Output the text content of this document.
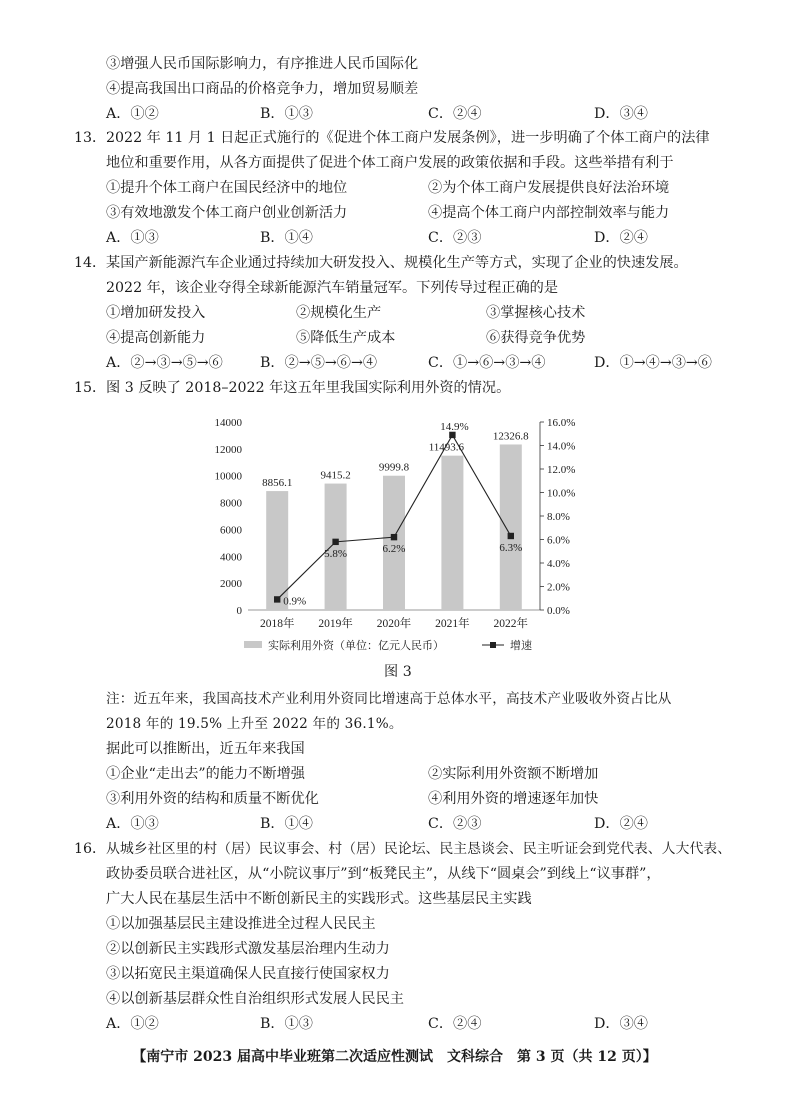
③增强人民币国际影响力，有序推进人民币国际化
④提高我国出口商品的价格竞争力，增加贸易顺差
A．①②	B．①③	C．②④	D．③④
13． 2022 年 11 月 1 日起正式施行的《促进个体工商户发展条例》，进一步明确了个体工商户的法律
地位和重要作用，从各方面提供了促进个体工商户发展的政策依据和手段。这些举措有利于
①提升个体工商户在国民经济中的地位	②为个体工商户发展提供良好法治环境
③有效地激发个体工商户创业创新活力	④提高个体工商户内部控制效率与能力
A．①③	B．①④	C．②③	D．②④
14． 某国产新能源汽车企业通过持续加大研发投入、规模化生产等方式，实现了企业的快速发展。
2022 年，该企业夺得全球新能源汽车销量冠军。下列传导过程正确的是
①增加研发投入	②规模化生产	③掌握核心技术
④提高创新能力	⑤降低生产成本	⑥获得竞争优势
A．②→③→⑤→⑥	B．②→⑤→⑥→④	C．①→⑥→③→④	D．①→④→③→⑥
15． 图 3 反映了 2018–2022 年这五年里我国实际利用外资的情况。
0
2000
4000
6000
8000
10000
12000
14000
0.0%
2.0%
4.0%
6.0%
8.0%
10.0%
12.0%
14.0%
16.0%
8856.1
9415.2
9999.8
11493.6
12326.8
0.9%
5.8%	6.2%
14.9%
6.3%
2018年 2019年 2020年 2021年 2022年
实际利用外资（单位：亿元人民币）	增速
图 3
注：近五年来，我国高技术产业利用外资同比增速高于总体水平，高技术产业吸收外资占比从
2018 年的 19.5% 上升至 2022 年的 36.1%。
据此可以推断出，近五年来我国
①企业“走出去”的能力不断增强	②实际利用外资额不断增加
③利用外资的结构和质量不断优化	④利用外资的增速逐年加快
A．①③	B．①④	C．②③	D．②④
16． 从城乡社区里的村（居）民议事会、村（居）民论坛、民主恳谈会、民主听证会到党代表、人大代表、
政协委员联合进社区，从“小院议事厅”到“板凳民主”，从线下“圆桌会”到线上“议事群”，
广大人民在基层生活中不断创新民主的实践形式。这些基层民主实践
①以加强基层民主建设推进全过程人民民主
②以创新民主实践形式激发基层治理内生动力
③以拓宽民主渠道确保人民直接行使国家权力
④以创新基层群众性自治组织形式发展人民民主
A．①②	B．①③	C．②④	D．③④
【南宁市 2023 届高中毕业班第二次适应性测试　文科综合　第 3 页（共 12 页）】
